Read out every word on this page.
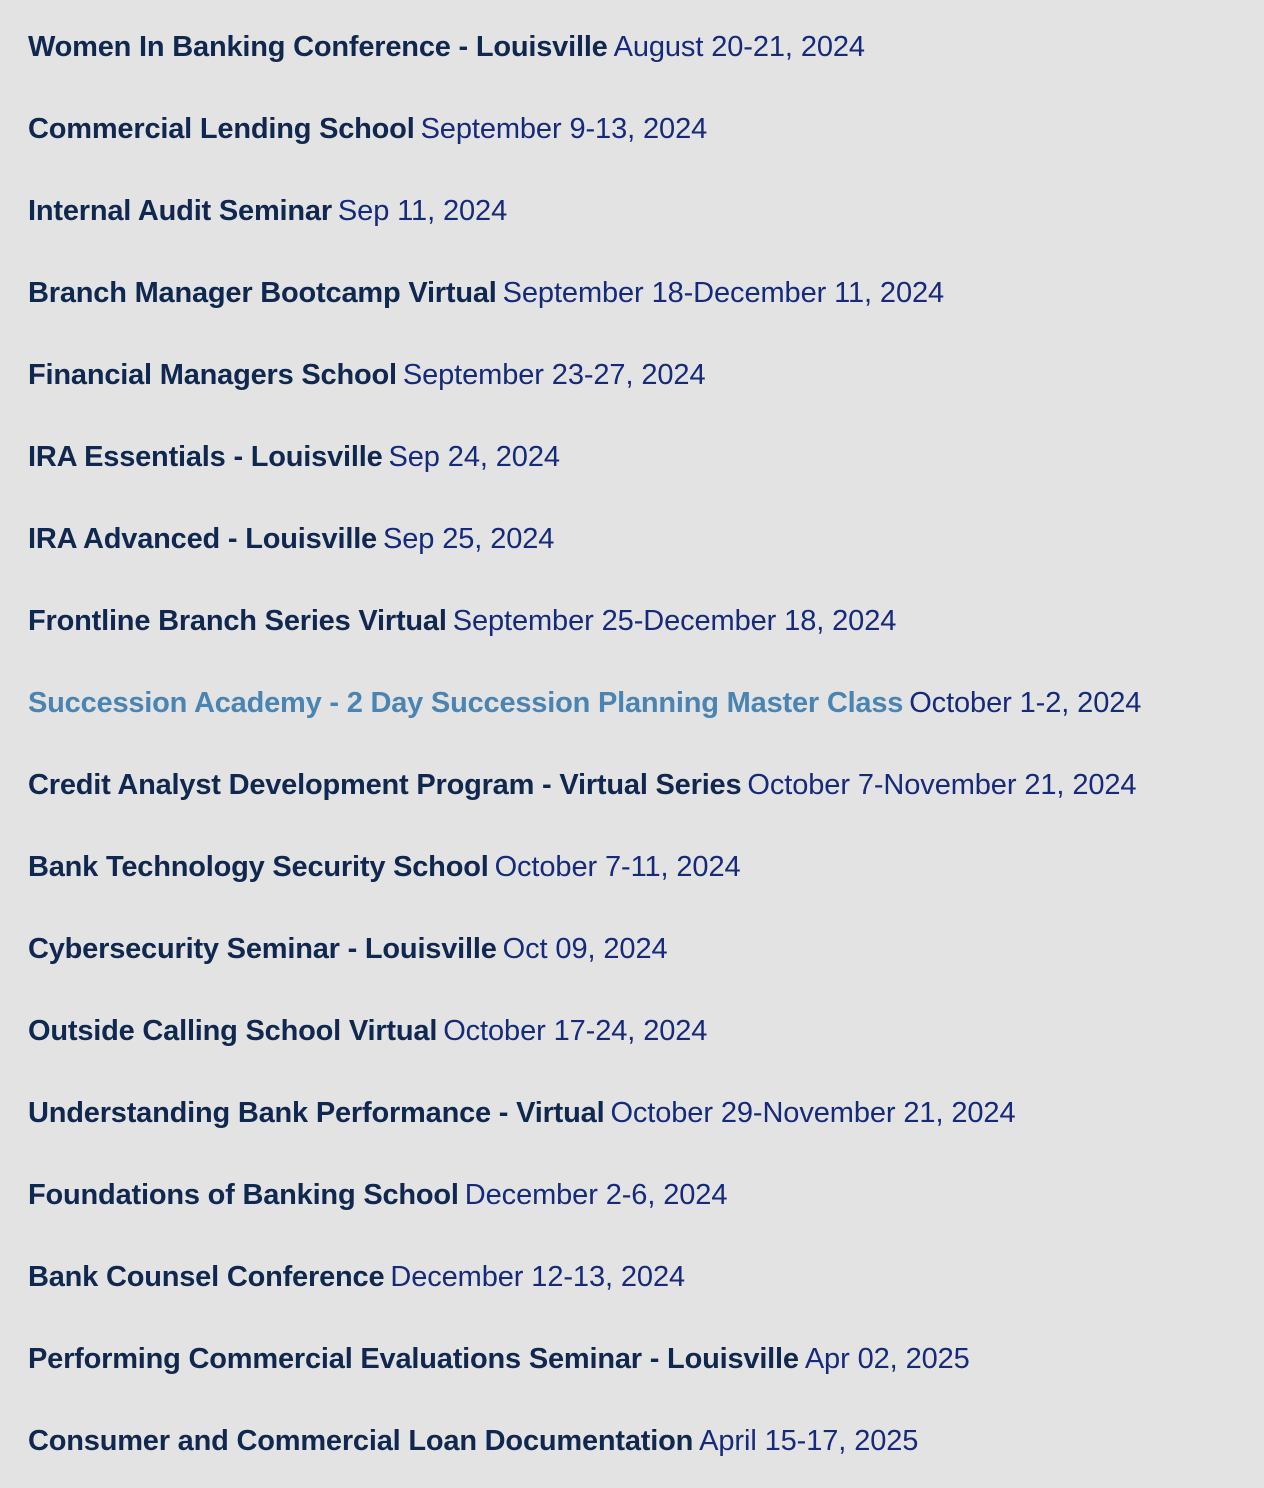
Women In Banking Conference - Louisville August 20-21, 2024
Commercial Lending School September 9-13, 2024
Internal Audit Seminar Sep 11, 2024
Branch Manager Bootcamp Virtual September 18-December 11, 2024
Financial Managers School September 23-27, 2024
IRA Essentials - Louisville Sep 24, 2024
IRA Advanced - Louisville Sep 25, 2024
Frontline Branch Series Virtual September 25-December 18, 2024
Succession Academy - 2 Day Succession Planning Master Class October 1-2, 2024
Credit Analyst Development Program - Virtual Series October 7-November 21, 2024
Bank Technology Security School October 7-11, 2024
Cybersecurity Seminar - Louisville Oct 09, 2024
Outside Calling School Virtual October 17-24, 2024
Understanding Bank Performance - Virtual October 29-November 21, 2024
Foundations of Banking School December 2-6, 2024
Bank Counsel Conference December 12-13, 2024
Performing Commercial Evaluations Seminar - Louisville Apr 02, 2025
Consumer and Commercial Loan Documentation April 15-17, 2025
